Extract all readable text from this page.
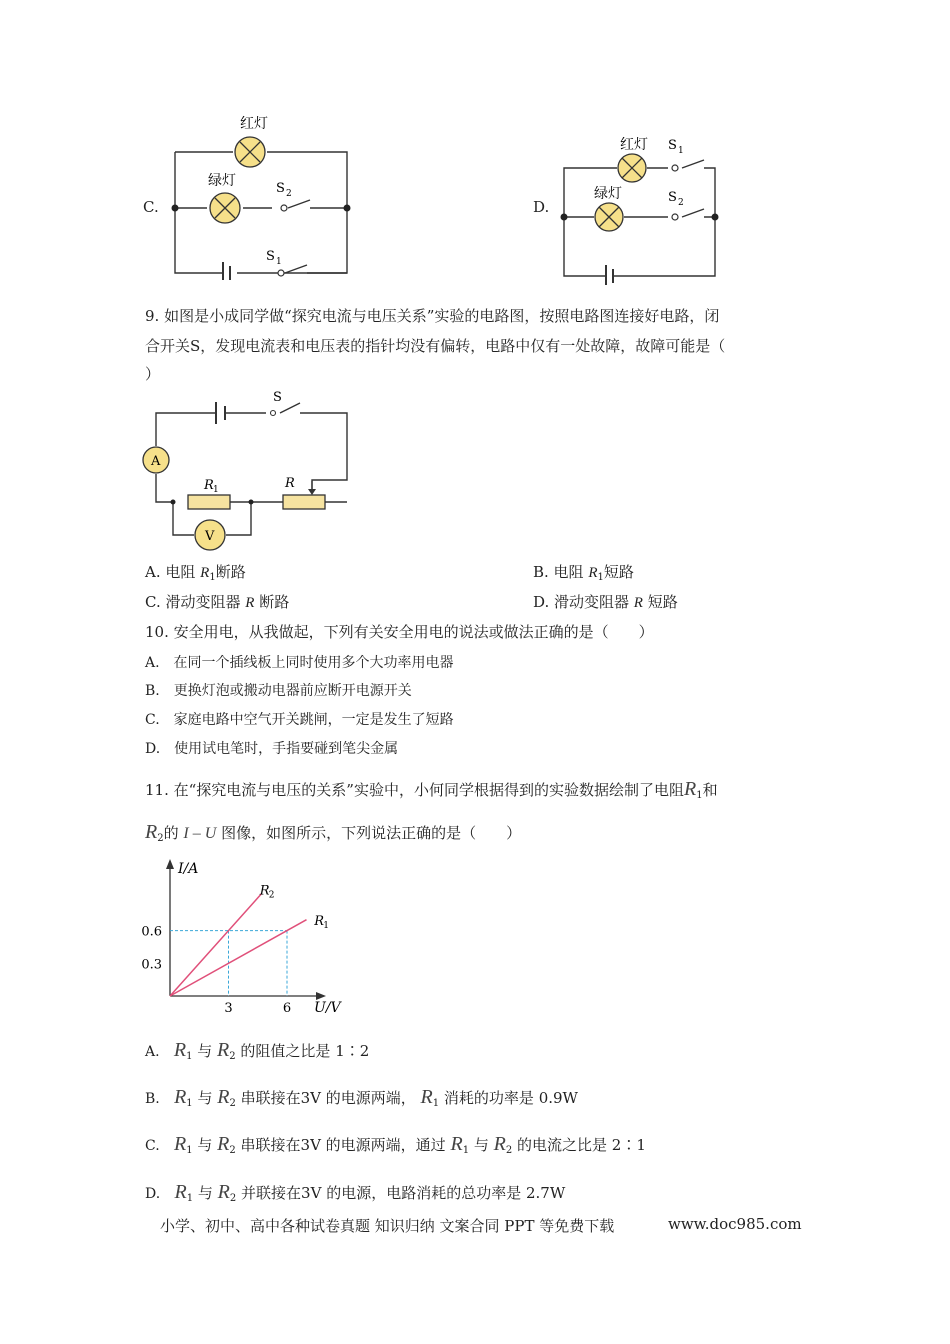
C.
红灯
绿灯	S 2
S 1
D.
红灯
绿灯
S 1
S 2
9. 如图是小成同学做“探究电流与电压关系”实验的电路图，按照电路图连接好电路，闭
合开关S，发现电流表和电压表的指针均没有偏转，电路中仅有一处故障，故障可能是（
）
A
V
S
R 1	R
A. 电阻 $R_1$断路	B. 电阻 $R_1$短路
C. 滑动变阻器 R 断路	D. 滑动变阻器 R 短路
10. 安全用电，从我做起，下列有关安全用电的说法或做法正确的是（　　）
A.　在同一个插线板上同时使用多个大功率用电器
B.　更换灯泡或搬动电器前应断开电源开关
C.　家庭电路中空气开关跳闸，一定是发生了短路
D.　使用试电笔时，手指要碰到笔尖金属
11. 在“探究电流与电压的关系”实验中，小何同学根据得到的实验数据绘制了电阻$R_1$和
$R_2$的 I – U 图像，如图所示，下列说法正确的是（　　）
R 2
R 1
0.3
0.6
3	6
I/A
U/V
A. $R_1$ 与 $R_2$ 的阻值之比是 1∶2
B. $R_1$ 与 $R_2$ 串联接在3V 的电源两端， $R_1$ 消耗的功率是 0.9W
C. $R_1$ 与 $R_2$ 串联接在3V 的电源两端，通过 $R_1$ 与 $R_2$ 的电流之比是 2∶1
D. $R_1$ 与 $R_2$ 并联接在3V 的电源，电路消耗的总功率是 2.7W
小学、初中、高中各种试卷真题 知识归纳 文案合同 PPT 等免费下载	www.doc985.com
